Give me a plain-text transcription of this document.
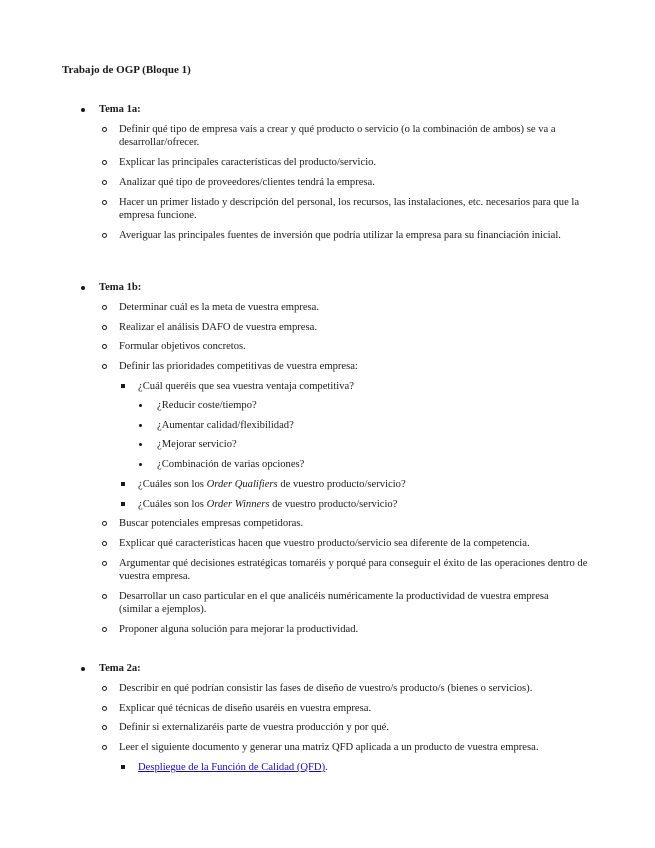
Trabajo de OGP (Bloque 1)
Tema 1a:
Definir qué tipo de empresa vais a crear y qué producto o servicio (o la combinación de ambos) se va a desarrollar/ofrecer.
Explicar las principales características del producto/servicio.
Analizar qué tipo de proveedores/clientes tendrá la empresa.
Hacer un primer listado y descripción del personal, los recursos, las instalaciones, etc. necesarios para que la empresa funcione.
Averiguar las principales fuentes de inversión que podría utilizar la empresa para su financiación inicial.
Tema 1b:
Determinar cuál es la meta de vuestra empresa.
Realizar el análisis DAFO de vuestra empresa.
Formular objetivos concretos.
Definir las prioridades competitivas de vuestra empresa:
¿Cuál queréis que sea vuestra ventaja competitiva?
¿Reducir coste/tiempo?
¿Aumentar calidad/flexibilidad?
¿Mejorar servicio?
¿Combinación de varias opciones?
¿Cuáles son los Order Qualifiers de vuestro producto/servicio?
¿Cuáles son los Order Winners de vuestro producto/servicio?
Buscar potenciales empresas competidoras.
Explicar qué características hacen que vuestro producto/servicio sea diferente de la competencia.
Argumentar qué decisiones estratégicas tomaréis y porqué para conseguir el éxito de las operaciones dentro de vuestra empresa.
Desarrollar un caso particular en el que analicéis numéricamente la productividad de vuestra empresa (similar a ejemplos).
Proponer alguna solución para mejorar la productividad.
Tema 2a:
Describir en qué podrían consistir las fases de diseño de vuestro/s producto/s (bienes o servicios).
Explicar qué técnicas de diseño usaréis en vuestra empresa.
Definir si externalizaréis parte de vuestra producción y por qué.
Leer el siguiente documento y generar una matriz QFD aplicada a un producto de vuestra empresa.
Despliegue de la Función de Calidad (QFD).
